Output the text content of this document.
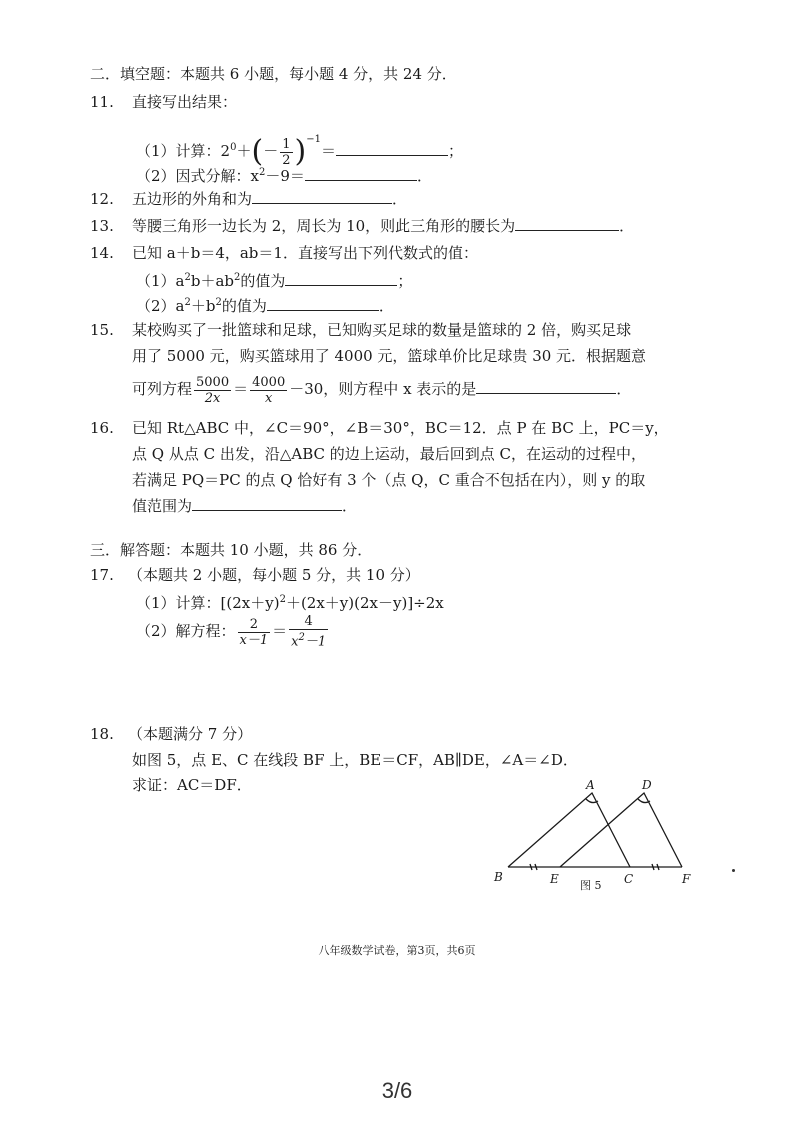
二．填空题：本题共 6 小题，每小题 4 分，共 24 分．
11. 直接写出结果：
（1）计算：$2^0+(- \frac{1}{2} )^{-1}=$	；
（2）因式分解：$x^2-9=$	．
12. 五边形的外角和为	．
13. 等腰三角形一边长为 2，周长为 10，则此三角形的腰长为	．
14. 已知 a＋b＝4，ab＝1．直接写出下列代数式的值：
$(1)a^2b+ab^2$的值为	；
$(2)a^2+b^2$的值为	．
15. 某校购买了一批篮球和足球，已知购买足球的数量是篮球的 2 倍，购买足球
用了 5000 元，购买篮球用了 4000 元，篮球单价比足球贵 30 元．根据题意
可列方程 $\frac{5000}{2x} = \frac{4000}{x} -30$，则方程中 x 表示的是	．
16. 已知 Rt△ABC 中，∠C＝90°，∠B＝30°，BC＝12．点 P 在 BC 上，PC＝y，
点 Q 从点 C 出发，沿△ABC 的边上运动，最后回到点 C，在运动的过程中，
若满足 PQ＝PC 的点 Q 恰好有 3 个（点 Q，C 重合不包括在内），则 y 的取
值范围为	．
三．解答题：本题共 10 小题，共 86 分．
17. （本题共 2 小题，每小题 5 分，共 10 分）
（1）计算：$[(2x+y)^2+(2x+y)(2x-y)]\div 2x$
（2）解方程： $\frac{2}{x-1} = \frac{4}{x^2-1}$
18. （本题满分 7 分）
如图 5，点 E、C 在线段 BF 上，BE＝CF，AB∥DE，∠A＝∠D．
求证：AC＝DF．	A	D
B	E	C	F
图 5
八年级数学试卷，第3页，共6页
3/6
